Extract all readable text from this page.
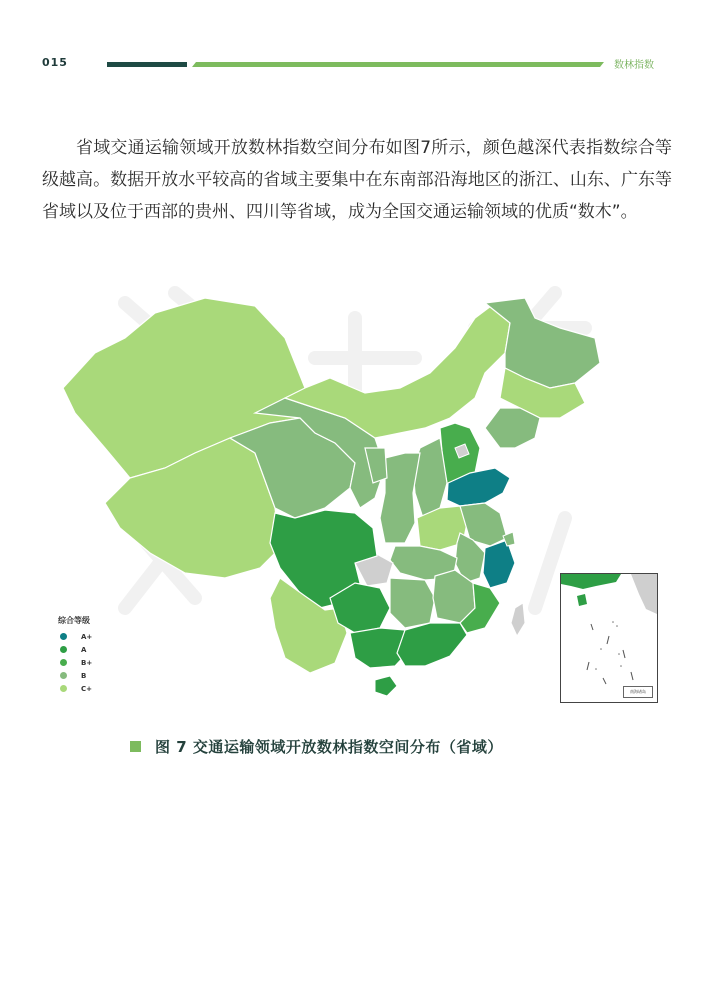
015	数林指数

省域交通运输领域开放数林指数空间分布如图7所示，颜色越深代表指数综合等级越高。数据开放水平较高的省域主要集中在东南部沿海地区的浙江、山东、广东等省域以及位于西部的贵州、四川等省域，成为全国交通运输领域的优质“数木”。

综合等级
A+
A
B+
B
C+	南海诸岛
图 7 交通运输领域开放数林指数空间分布（省域）
